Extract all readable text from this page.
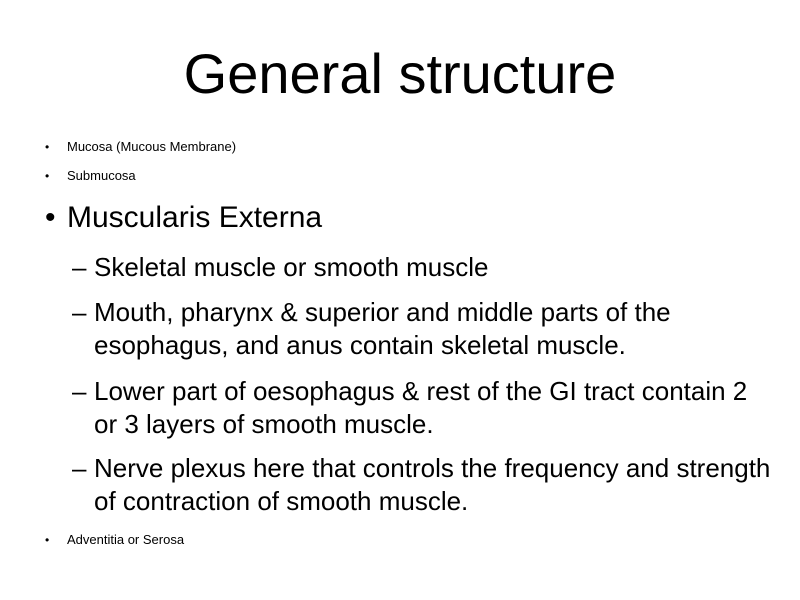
General structure
• Mucosa (Mucous Membrane)
• Submucosa
• Muscularis Externa
– Skeletal muscle or smooth muscle
– Mouth, pharynx & superior and middle parts of the esophagus, and anus contain skeletal muscle.
– Lower part of oesophagus & rest of the GI tract contain 2 or 3 layers of smooth muscle.
– Nerve plexus here that controls the frequency and strength of contraction of smooth muscle.
• Adventitia or Serosa
